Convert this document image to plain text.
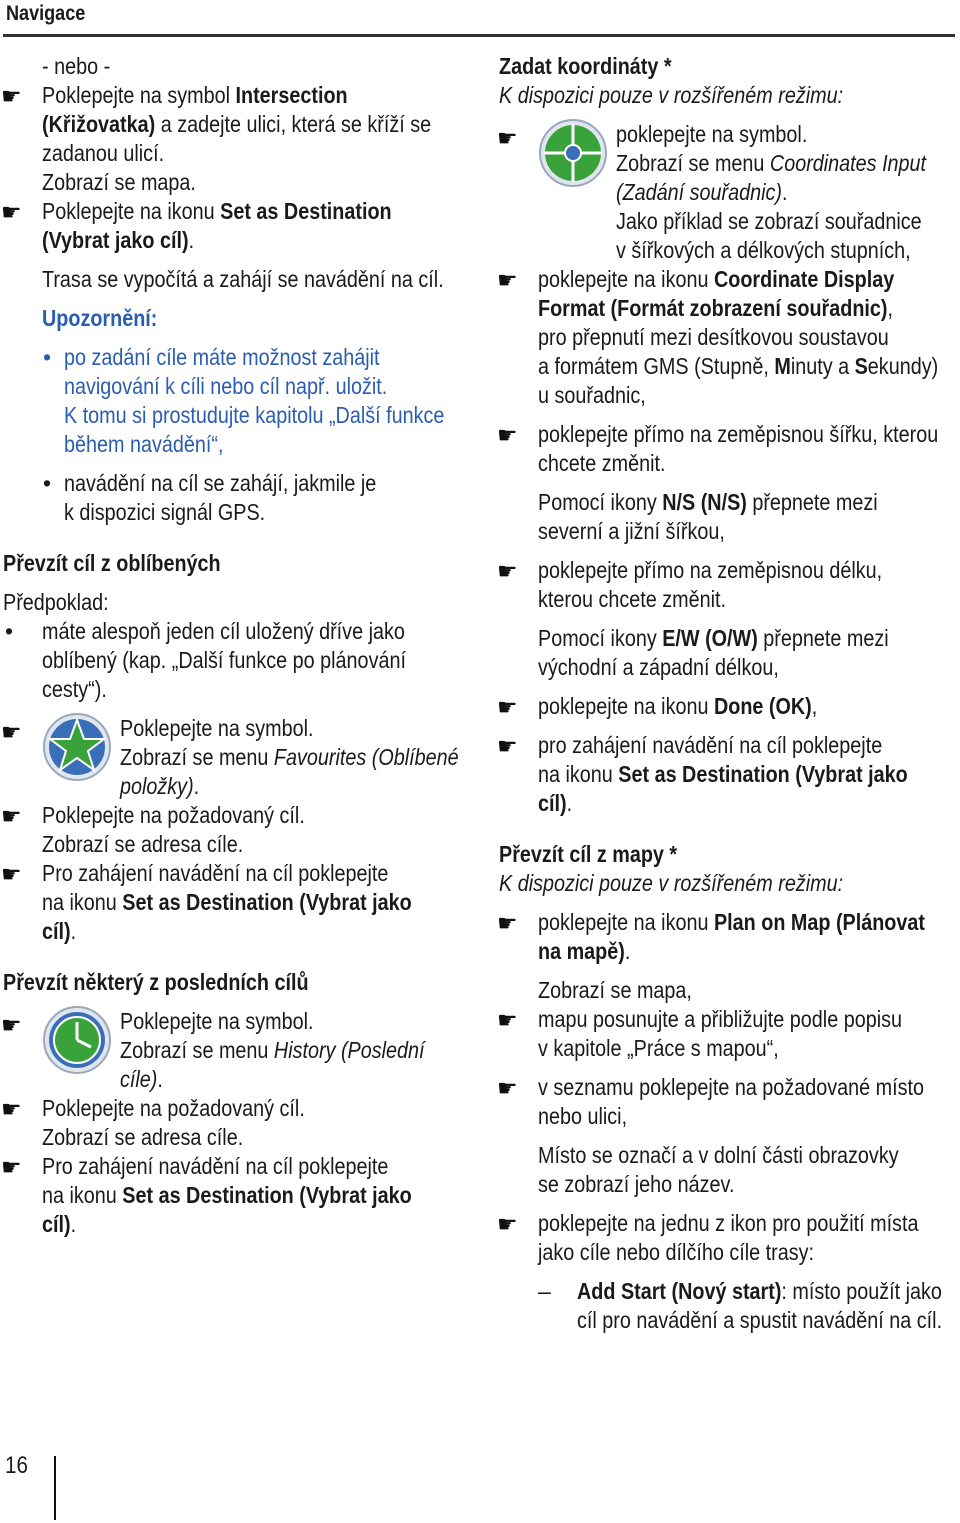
Navigace
- nebo -
☛ Poklepejte na symbol Intersection
(Křižovatka) a zadejte ulici, která se kříží se
zadanou ulicí.
Zobrazí se mapa.
☛ Poklepejte na ikonu Set as Destination
(Vybrat jako cíl).
Trasa se vypočítá a zahájí se navádění na cíl.
Upozornění:
• po zadání cíle máte možnost zahájit
navigování k cíli nebo cíl např. uložit.
K tomu si prostudujte kapitolu „Další funkce
během navádění“,
• navádění na cíl se zahájí, jakmile je
k dispozici signál GPS.
Převzít cíl z oblíbených
Předpoklad:
• máte alespoň jeden cíl uložený dříve jako
oblíbený (kap. „Další funkce po plánování
cesty“).
☛	Poklepejte na symbol.
Zobrazí se menu Favourites (Oblíbené
položky).
☛ Poklepejte na požadovaný cíl.
Zobrazí se adresa cíle.
☛ Pro zahájení navádění na cíl poklepejte
na ikonu Set as Destination (Vybrat jako
cíl).
Převzít některý z posledních cílů
☛	Poklepejte na symbol.
Zobrazí se menu History (Poslední
cíle).
☛ Poklepejte na požadovaný cíl.
Zobrazí se adresa cíle.
☛ Pro zahájení navádění na cíl poklepejte
na ikonu Set as Destination (Vybrat jako
cíl).
Zadat koordináty *
K dispozici pouze v rozšířeném režimu:
☛	poklepejte na symbol.
Zobrazí se menu Coordinates Input
(Zadání souřadnic).
Jako příklad se zobrazí souřadnice
v šířkových a délkových stupních,
☛ poklepejte na ikonu Coordinate Display
Format (Formát zobrazení souřadnic),
pro přepnutí mezi desítkovou soustavou
a formátem GMS (Stupně, Minuty a Sekundy)
u souřadnic,
☛ poklepejte přímo na zeměpisnou šířku, kterou
chcete změnit.
Pomocí ikony N/S (N/S) přepnete mezi
severní a jižní šířkou,
☛ poklepejte přímo na zeměpisnou délku,
kterou chcete změnit.
Pomocí ikony E/W (O/W) přepnete mezi
východní a západní délkou,
☛ poklepejte na ikonu Done (OK),
☛ pro zahájení navádění na cíl poklepejte
na ikonu Set as Destination (Vybrat jako
cíl).
Převzít cíl z mapy *
K dispozici pouze v rozšířeném režimu:
☛ poklepejte na ikonu Plan on Map (Plánovat
na mapě).
Zobrazí se mapa,
☛ mapu posunujte a přibližujte podle popisu
v kapitole „Práce s mapou“,
☛ v seznamu poklepejte na požadované místo
nebo ulici,
Místo se označí a v dolní části obrazovky
se zobrazí jeho název.
☛ poklepejte na jednu z ikon pro použití místa
jako cíle nebo dílčího cíle trasy:
– Add Start (Nový start): místo použít jako
cíl pro navádění a spustit navádění na cíl.
16
